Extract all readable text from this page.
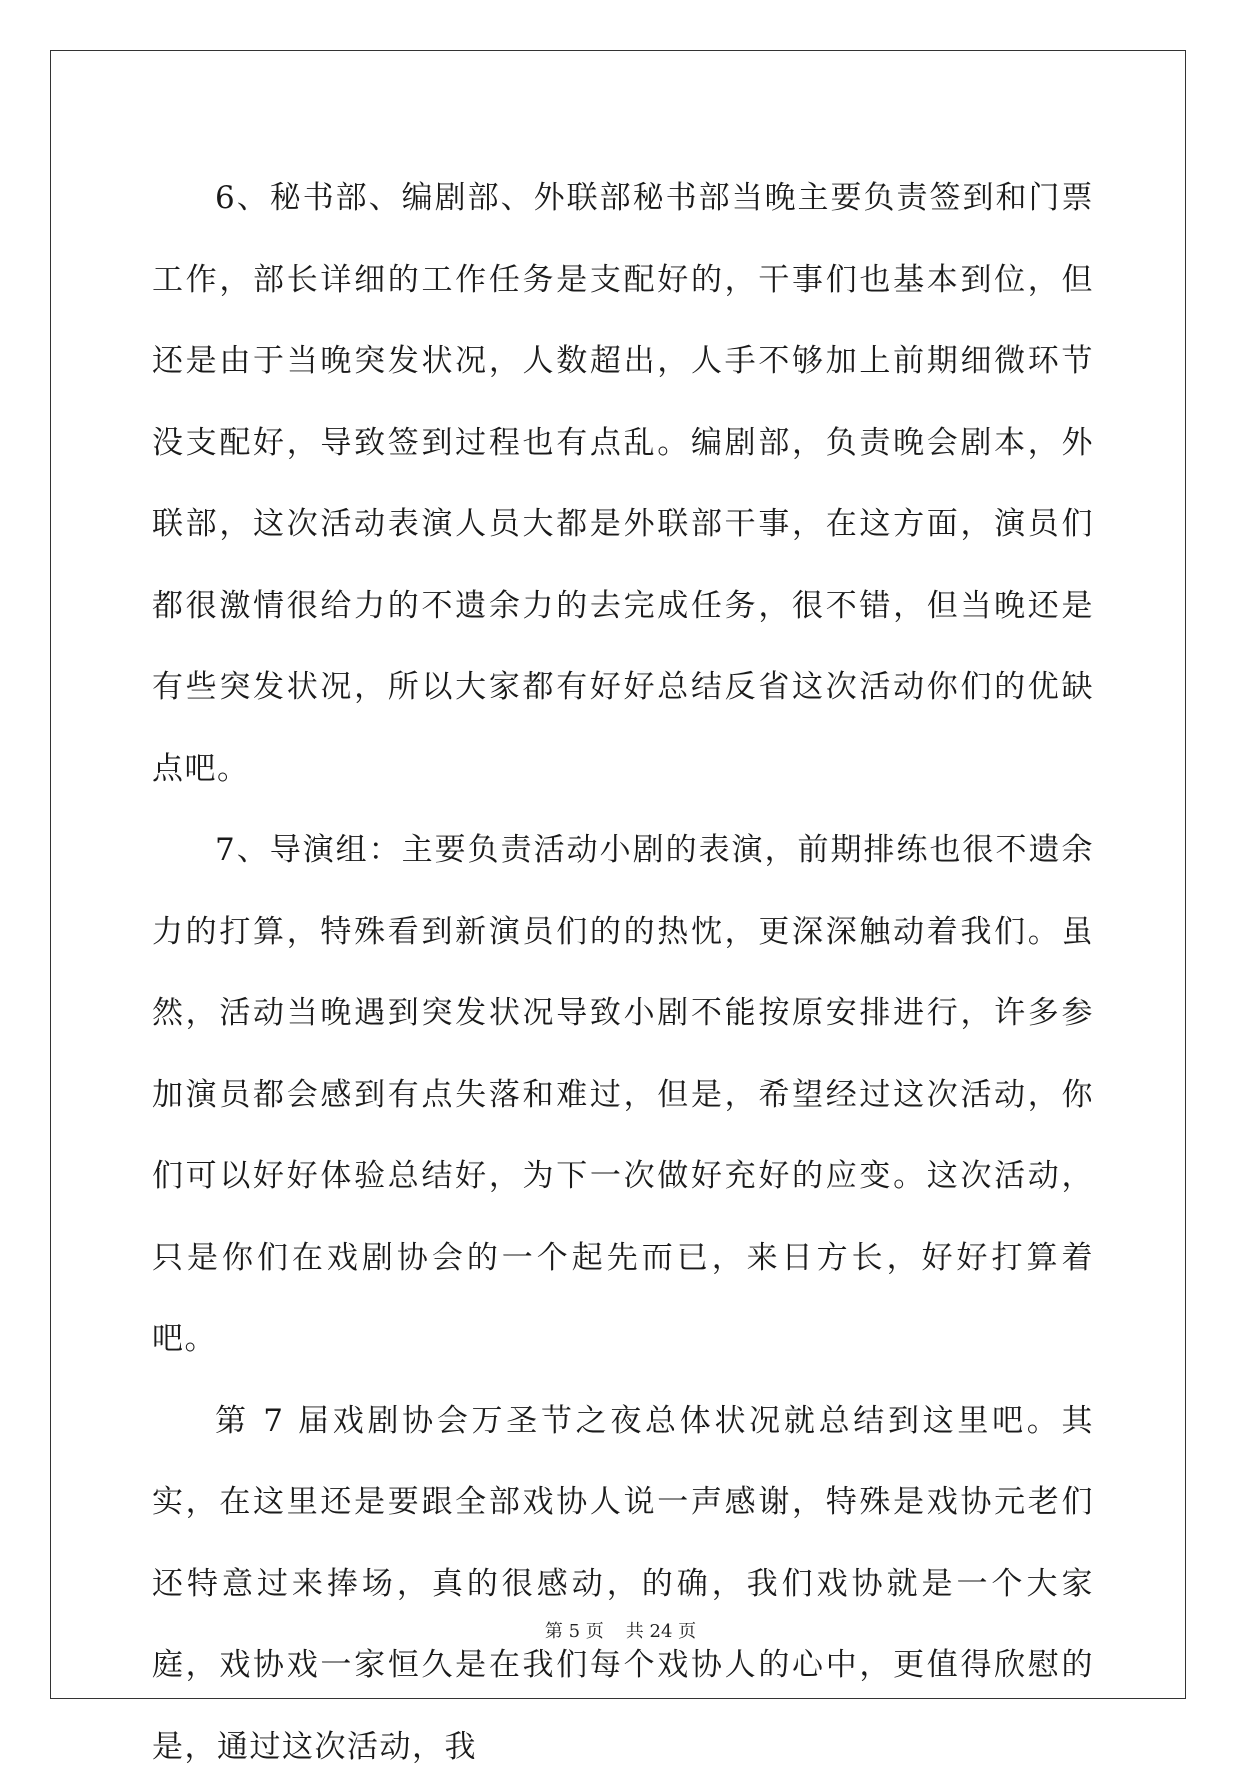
6、秘书部、编剧部、外联部秘书部当晚主要负责签到和门票工作，部长详细的工作任务是支配好的，干事们也基本到位，但还是由于当晚突发状况，人数超出，人手不够加上前期细微环节没支配好，导致签到过程也有点乱。编剧部，负责晚会剧本，外联部，这次活动表演人员大都是外联部干事，在这方面，演员们都很激情很给力的不遗余力的去完成任务，很不错，但当晚还是有些突发状况，所以大家都有好好总结反省这次活动你们的优缺点吧。

7、导演组：主要负责活动小剧的表演，前期排练也很不遗余力的打算，特殊看到新演员们的的热忱，更深深触动着我们。虽然，活动当晚遇到突发状况导致小剧不能按原安排进行，许多参加演员都会感到有点失落和难过，但是，希望经过这次活动，你们可以好好体验总结好，为下一次做好充好的应变。这次活动，只是你们在戏剧协会的一个起先而已，来日方长，好好打算着吧。

第 7 届戏剧协会万圣节之夜总体状况就总结到这里吧。其实，在这里还是要跟全部戏协人说一声感谢，特殊是戏协元老们还特意过来捧场，真的很感动，的确，我们戏协就是一个大家庭，戏协戏一家恒久是在我们每个戏协人的心中，更值得欣慰的是，通过这次活动，我

第 5 页 共 24 页
